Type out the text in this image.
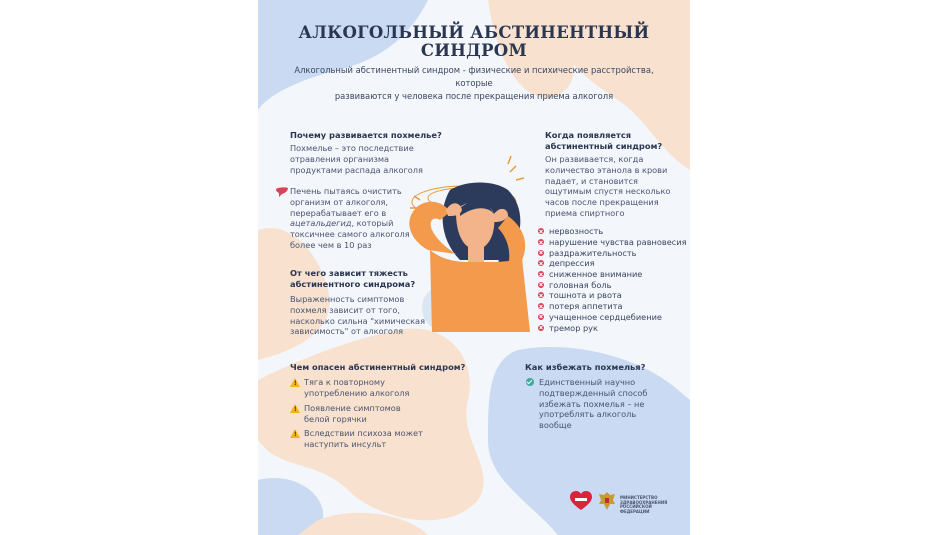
АЛКОГОЛЬНЫЙ АБСТИНЕНТНЫЙ
СИНДРОМ
Алкогольный абстинентный синдром - физические и психические расстройства, которые
развиваются у человека после прекращения приема алкоголя
Почему развивается похмелье?
Похмелье – это последствие
отравления организма
продуктами распада алкоголя
Печень пытаясь очистить
организм от алкоголя,
перерабатывает его в
ацетальдегид, который
токсичнее самого алкоголя
более чем в 10 раз
От чего зависит тяжесть
абстинентного синдрома?
Выраженность симптомов
похмеля зависит от того,
насколько сильна "химическая
зависимость" от алкоголя
Когда появляется
абстинентный синдром?
Он развивается, когда
количество этанола в крови
падает, и становится
ощутимым спустя несколько
часов после прекращения
приема спиртного
нервозность
нарушение чувства равновесия
раздражительность
депрессия
сниженное внимание
головная боль
тошнота и рвота
потеря аппетита
учащенное сердцебиение
тремор рук
Чем опасен абстинентный синдром?
! Тяга к повторному
употреблению алкоголя
! Появление симптомов
белой горячки
! Вследствии психоза может
наступить инсульт
Как избежать похмелья?
Единственный научно
подтвержденный способ
избежать похмелья – не
употреблять алкоголь
вообще
МИНИСТЕРСТВО
ЗДРАВООХРАНЕНИЯ
РОССИЙСКОЙ ФЕДЕРАЦИИ
